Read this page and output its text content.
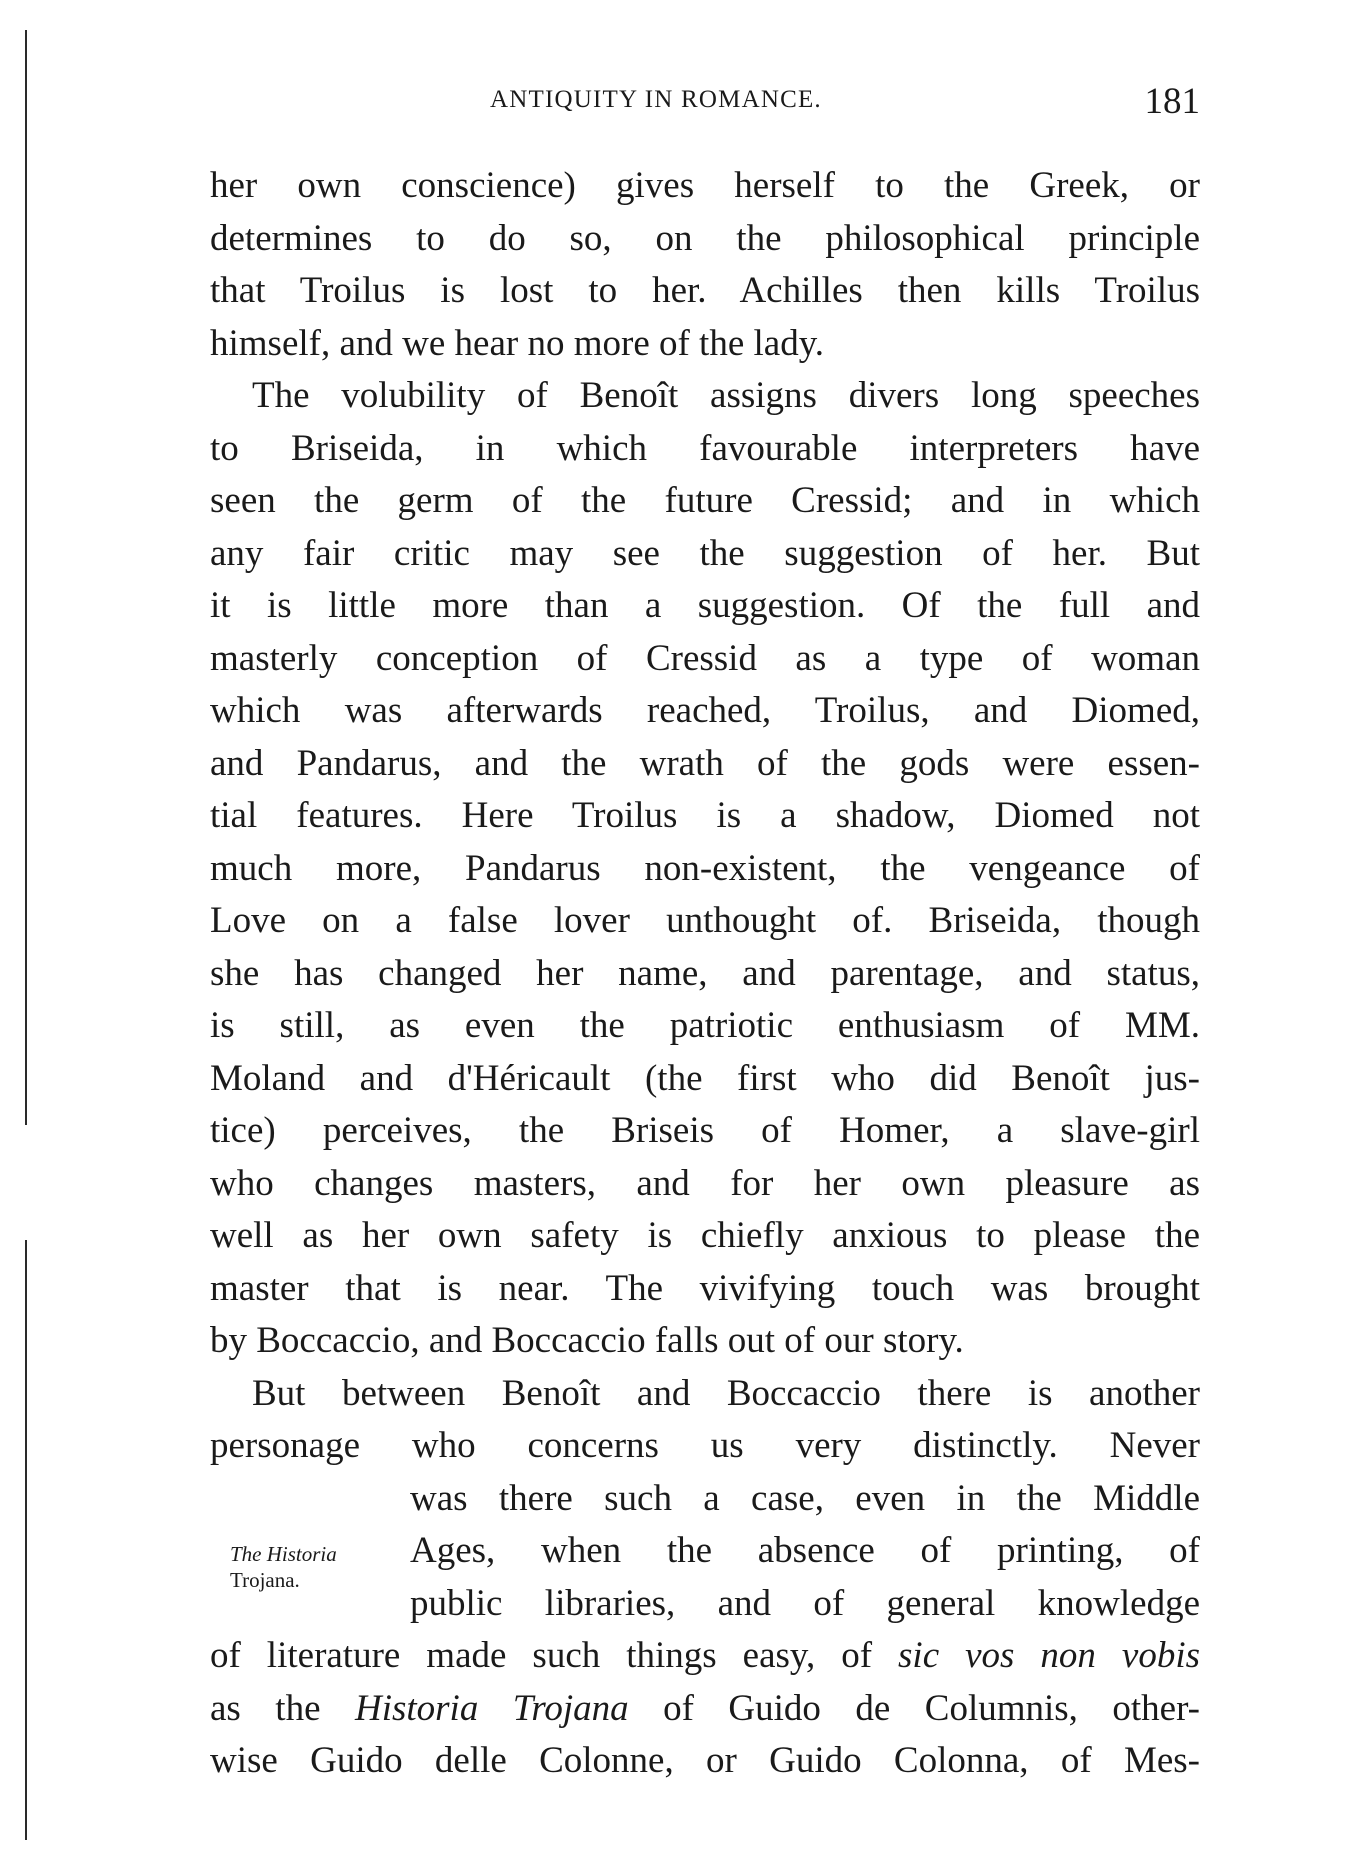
ANTIQUITY IN ROMANCE.	181
her own conscience) gives herself to the Greek, or
determines to do so, on the philosophical principle
that Troilus is lost to her. Achilles then kills Troilus
himself, and we hear no more of the lady.
The volubility of Benoît assigns divers long speeches
to Briseida, in which favourable interpreters have
seen the germ of the future Cressid; and in which
any fair critic may see the suggestion of her. But
it is little more than a suggestion. Of the full and
masterly conception of Cressid as a type of woman
which was afterwards reached, Troilus, and Diomed,
and Pandarus, and the wrath of the gods were essen-
tial features. Here Troilus is a shadow, Diomed not
much more, Pandarus non-existent, the vengeance of
Love on a false lover unthought of. Briseida, though
she has changed her name, and parentage, and status,
is still, as even the patriotic enthusiasm of MM.
Moland and d'Héricault (the first who did Benoît jus-
tice) perceives, the Briseis of Homer, a slave-girl
who changes masters, and for her own pleasure as
well as her own safety is chiefly anxious to please the
master that is near. The vivifying touch was brought
by Boccaccio, and Boccaccio falls out of our story.
But between Benoît and Boccaccio there is another
personage who concerns us very distinctly. Never
The Historia
Trojana.
was there such a case, even in the Middle
Ages, when the absence of printing, of
public libraries, and of general knowledge
of literature made such things easy, of sic vos non vobis
as the Historia Trojana of Guido de Columnis, other-
wise Guido delle Colonne, or Guido Colonna, of Mes-
